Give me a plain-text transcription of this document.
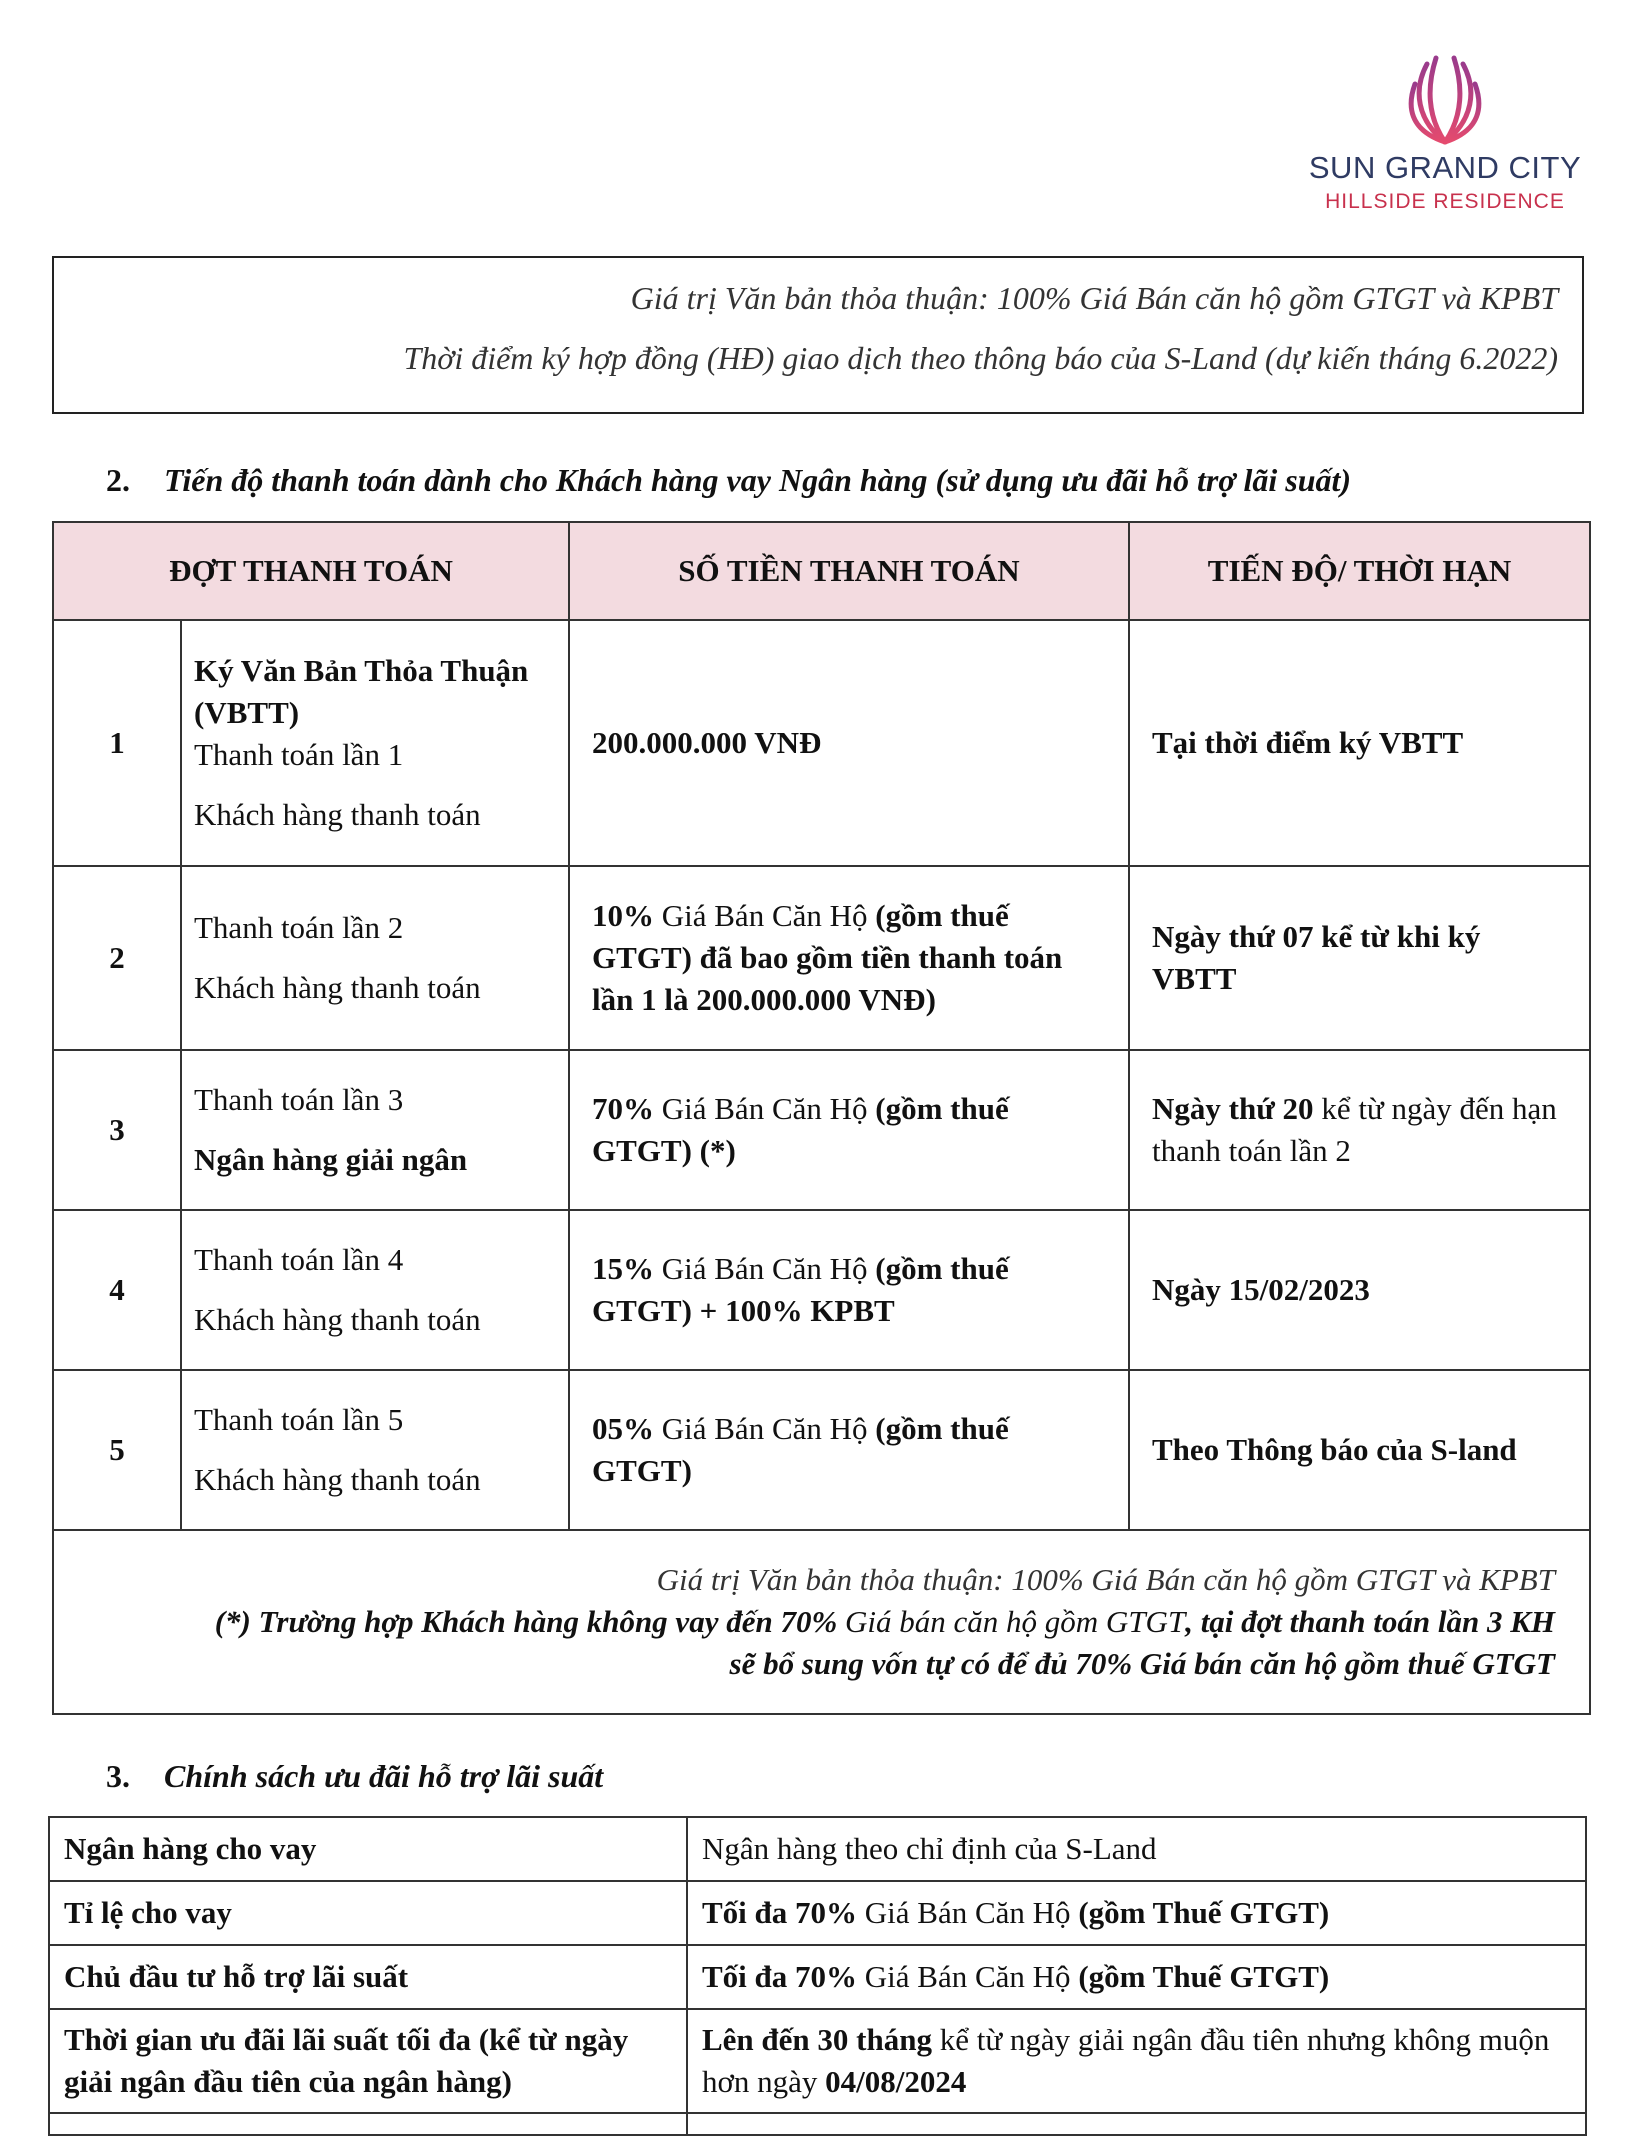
SUN GRAND CITY
HILLSIDE RESIDENCE

Giá trị Văn bản thỏa thuận: 100% Giá Bán căn hộ gồm GTGT và KPBT

Thời điểm ký hợp đồng (HĐ) giao dịch theo thông báo của S-Land (dự kiến tháng 6.2022)

2. Tiến độ thanh toán dành cho Khách hàng vay Ngân hàng (sử dụng ưu đãi hỗ trợ lãi suất)
ĐỢT THANH TOÁN		SỐ TIỀN THANH TOÁN	TIẾN ĐỘ/ THỜI HẠN
1	Ký Văn Bản Thỏa Thuận (VBTT)
Thanh toán lần 1
Khách hàng thanh toán	200.000.000 VNĐ	Tại thời điểm ký VBTT
2	Thanh toán lần 2
Khách hàng thanh toán	10% Giá Bán Căn Hộ (gồm thuế GTGT) đã bao gồm tiền thanh toán lần 1 là 200.000.000 VNĐ)	Ngày thứ 07 kể từ khi ký VBTT
3	Thanh toán lần 3
Ngân hàng giải ngân	70% Giá Bán Căn Hộ (gồm thuế GTGT) (*)	Ngày thứ 20 kể từ ngày đến hạn thanh toán lần 2
4	Thanh toán lần 4
Khách hàng thanh toán	15% Giá Bán Căn Hộ (gồm thuế GTGT) + 100% KPBT	Ngày 15/02/2023
5	Thanh toán lần 5
Khách hàng thanh toán	05% Giá Bán Căn Hộ (gồm thuế GTGT)	Theo Thông báo của S-land

Giá trị Văn bản thỏa thuận: 100% Giá Bán căn hộ gồm GTGT và KPBT
(*) Trường hợp Khách hàng không vay đến 70% Giá bán căn hộ gồm GTGT, tại đợt thanh toán lần 3 KH
sẽ bổ sung vốn tự có để đủ 70% Giá bán căn hộ gồm thuế GTGT			
3. Chính sách ưu đãi hỗ trợ lãi suất
Ngân hàng cho vay	Ngân hàng theo chỉ định của S-Land
Tỉ lệ cho vay	Tối đa 70% Giá Bán Căn Hộ (gồm Thuế GTGT)
Chủ đầu tư hỗ trợ lãi suất	Tối đa 70% Giá Bán Căn Hộ (gồm Thuế GTGT)
Thời gian ưu đãi lãi suất tối đa (kể từ ngày giải ngân đầu tiên của ngân hàng)	Lên đến 30 tháng kể từ ngày giải ngân đầu tiên nhưng không muộn hơn ngày 04/08/2024
